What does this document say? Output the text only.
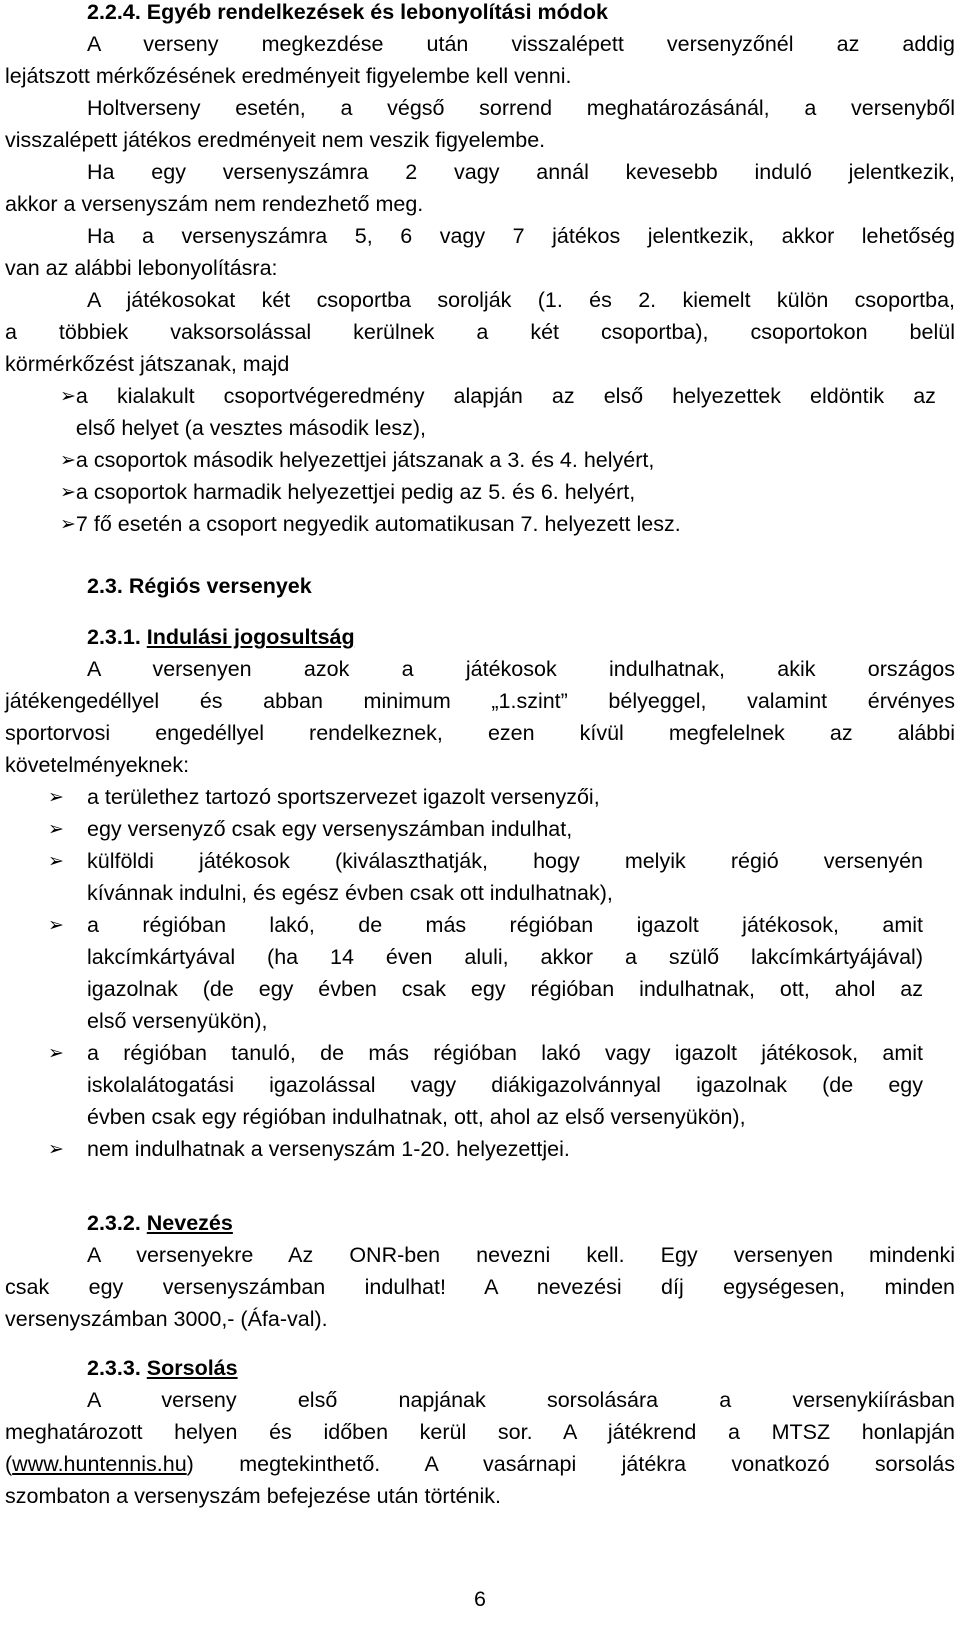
2.2.4. Egyéb rendelkezések és lebonyolítási módok
A verseny megkezdése után visszalépett versenyzőnél az addig
lejátszott mérkőzésének eredményeit figyelembe kell venni.
Holtverseny esetén, a végső sorrend meghatározásánál, a versenyből
visszalépett játékos eredményeit nem veszik figyelembe.
Ha egy versenyszámra 2 vagy annál kevesebb induló jelentkezik,
akkor a versenyszám nem rendezhető meg.
Ha a versenyszámra 5, 6 vagy 7 játékos jelentkezik, akkor lehetőség
van az alábbi lebonyolításra:
A játékosokat két csoportba sorolják (1. és 2. kiemelt külön csoportba,
a többiek vaksorsolással kerülnek a két csoportba), csoportokon belül
körmérkőzést játszanak, majd
➢ a kialakult csoportvégeredmény alapján az első helyezettek eldöntik az
első helyet (a vesztes második lesz),
➢ a csoportok második helyezettjei játszanak a 3. és 4. helyért,
➢ a csoportok harmadik helyezettjei pedig az 5. és 6. helyért,
➢ 7 fő esetén a csoport negyedik automatikusan 7. helyezett lesz.
2.3. Régiós versenyek
2.3.1. Indulási jogosultság
A versenyen azok a játékosok indulhatnak, akik országos
játékengedéllyel és abban minimum „1.szint” bélyeggel, valamint érvényes
sportorvosi engedéllyel rendelkeznek, ezen kívül megfelelnek az alábbi
követelményeknek:
➢	a területhez tartozó sportszervezet igazolt versenyzői,
➢	egy versenyző csak egy versenyszámban indulhat,
➢	külföldi játékosok (kiválaszthatják, hogy melyik régió versenyén
kívánnak indulni, és egész évben csak ott indulhatnak),
➢	a régióban lakó, de más régióban igazolt játékosok, amit
lakcímkártyával (ha 14 éven aluli, akkor a szülő lakcímkártyájával)
igazolnak (de egy évben csak egy régióban indulhatnak, ott, ahol az
első versenyükön),
➢	a régióban tanuló, de más régióban lakó vagy igazolt játékosok, amit
iskolalátogatási igazolással vagy diákigazolvánnyal igazolnak (de egy
évben csak egy régióban indulhatnak, ott, ahol az első versenyükön),
➢	nem indulhatnak a versenyszám 1-20. helyezettjei.
2.3.2. Nevezés
A versenyekre Az ONR-ben nevezni kell. Egy versenyen mindenki
csak egy versenyszámban indulhat! A nevezési díj egységesen, minden
versenyszámban 3000,- (Áfa-val).
2.3.3. Sorsolás
A verseny első napjának sorsolására a versenykiírásban
meghatározott helyen és időben kerül sor. A játékrend a MTSZ honlapján
(www.huntennis.hu) megtekinthető. A vasárnapi játékra vonatkozó sorsolás
szombaton a versenyszám befejezése után történik.
6
